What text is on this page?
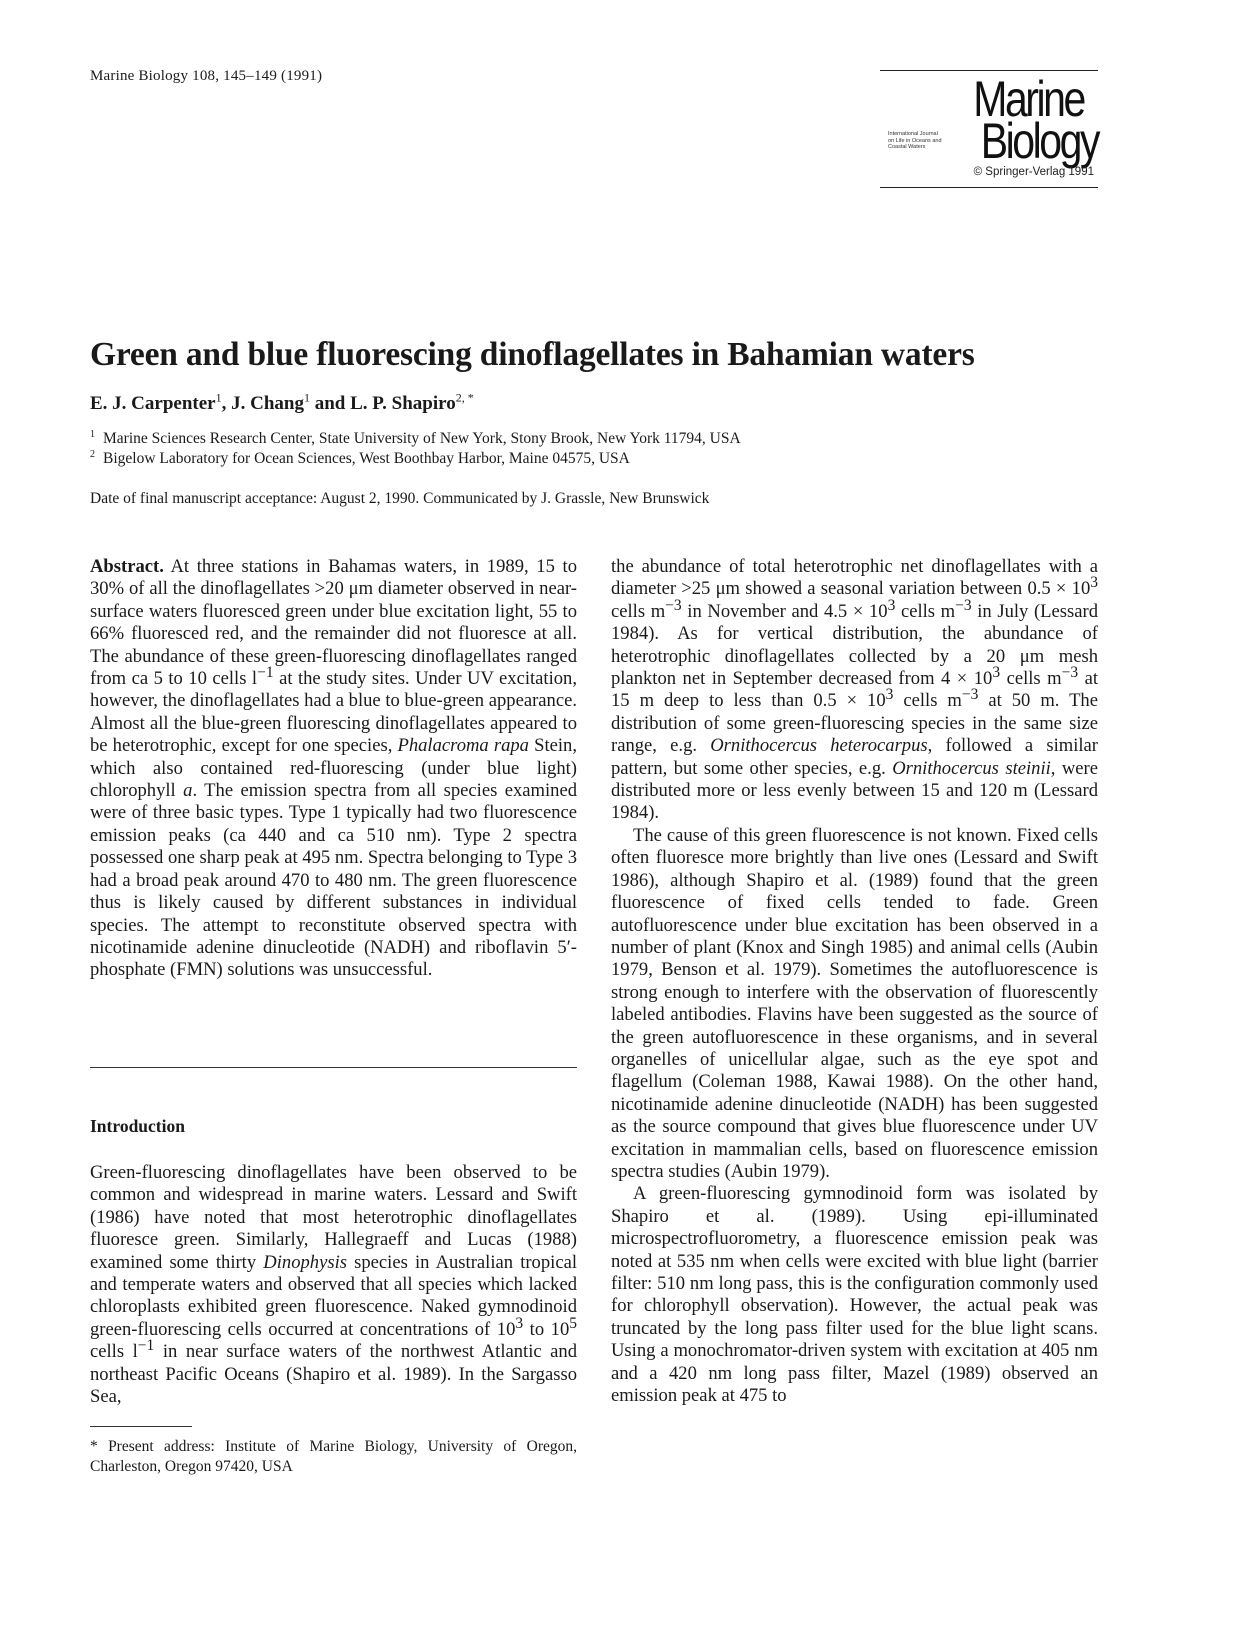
Marine Biology 108, 145–149 (1991)	Marine
International Journal on Life in Oceans and Coastal Waters	Biology
© Springer-Verlag 1991
Green and blue fluorescing dinoflagellates in Bahamian waters
E. J. Carpenter$^1$, J. Chang$^1$ and L. P. Shapiro$^{2, *}$
$^1$ Marine Sciences Research Center, State University of New York, Stony Brook, New York 11794, USA
$^2$ Bigelow Laboratory for Ocean Sciences, West Boothbay Harbor, Maine 04575, USA
Date of final manuscript acceptance: August 2, 1990. Communicated by J. Grassle, New Brunswick

Abstract. At three stations in Bahamas waters, in 1989, 15 to 30% of all the dinoflagellates >20 μm diameter observed in near-surface waters fluoresced green under blue excitation light, 55 to 66% fluoresced red, and the remainder did not fluoresce at all. The abundance of these green-fluorescing dinoflagellates ranged from ca 5 to 10 cells $l^{-1}$ at the study sites. Under UV excitation, however, the dinoflagellates had a blue to blue-green appearance. Almost all the blue-green fluorescing dinoflagellates appeared to be heterotrophic, except for one species, Phalacroma rapa Stein, which also contained red-fluorescing (under blue light) chlorophyll a. The emission spectra from all species examined were of three basic types. Type 1 typically had two fluorescence emission peaks (ca 440 and ca 510 nm). Type 2 spectra possessed one sharp peak at 495 nm. Spectra belonging to Type 3 had a broad peak around 470 to 480 nm. The green fluorescence thus is likely caused by different substances in individual species. The attempt to reconstitute observed spectra with nicotinamide adenine dinucleotide (NADH) and riboflavin 5′-phosphate (FMN) solutions was unsuccessful.

Introduction

Green-fluorescing dinoflagellates have been observed to be common and widespread in marine waters. Lessard and Swift (1986) have noted that most heterotrophic dinoflagellates fluoresce green. Similarly, Hallegraeff and Lucas (1988) examined some thirty Dinophysis species in Australian tropical and temperate waters and observed that all species which lacked chloroplasts exhibited green fluorescence. Naked gymnodinoid green-fluorescing cells occurred at concentrations of $10^3$ to $10^5$ cells $l^{-1}$ in near surface waters of the northwest Atlantic and northeast Pacific Oceans (Shapiro et al. 1989). In the Sargasso Sea,

* Present address: Institute of Marine Biology, University of Oregon, Charleston, Oregon 97420, USA

the abundance of total heterotrophic net dinoflagellates with a diameter >25 μm showed a seasonal variation between $0.5 \times 10^3$ cells $m^{-3}$ in November and $4.5 \times 10^3$ cells $m^{-3}$ in July (Lessard 1984). As for vertical distribution, the abundance of heterotrophic dinoflagellates collected by a 20 μm mesh plankton net in September decreased from $4 \times 10^3$ cells $m^{-3}$ at 15 m deep to less than $0.5 \times 10^3$ cells $m^{-3}$ at 50 m. The distribution of some green-fluorescing species in the same size range, e.g. Ornithocercus heterocarpus, followed a similar pattern, but some other species, e.g. Ornithocercus steinii, were distributed more or less evenly between 15 and 120 m (Lessard 1984).

The cause of this green fluorescence is not known. Fixed cells often fluoresce more brightly than live ones (Lessard and Swift 1986), although Shapiro et al. (1989) found that the green fluorescence of fixed cells tended to fade. Green autofluorescence under blue excitation has been observed in a number of plant (Knox and Singh 1985) and animal cells (Aubin 1979, Benson et al. 1979). Sometimes the autofluorescence is strong enough to interfere with the observation of fluorescently labeled antibodies. Flavins have been suggested as the source of the green autofluorescence in these organisms, and in several organelles of unicellular algae, such as the eye spot and flagellum (Coleman 1988, Kawai 1988). On the other hand, nicotinamide adenine dinucleotide (NADH) has been suggested as the source compound that gives blue fluorescence under UV excitation in mammalian cells, based on fluorescence emission spectra studies (Aubin 1979).

A green-fluorescing gymnodinoid form was isolated by Shapiro et al. (1989). Using epi-illuminated microspectrofluorometry, a fluorescence emission peak was noted at 535 nm when cells were excited with blue light (barrier filter: 510 nm long pass, this is the configuration commonly used for chlorophyll observation). However, the actual peak was truncated by the long pass filter used for the blue light scans. Using a monochromator-driven system with excitation at 405 nm and a 420 nm long pass filter, Mazel (1989) observed an emission peak at 475 to
